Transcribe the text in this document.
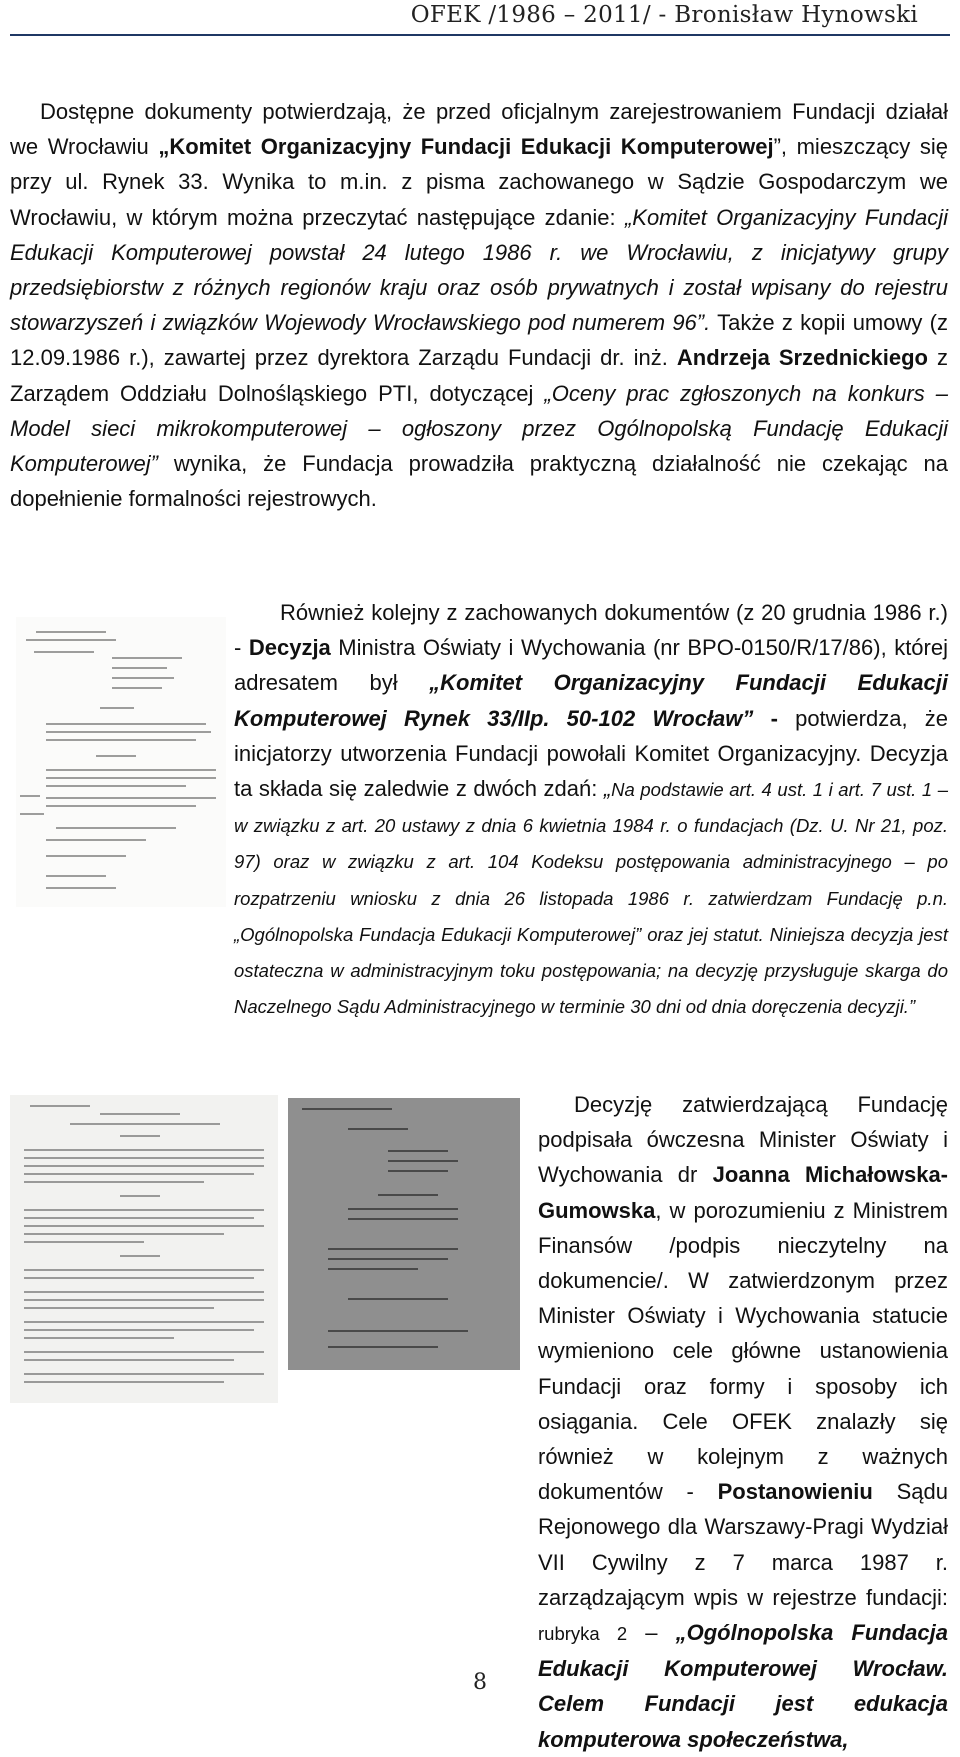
OFEK /1986 – 2011/ - Bronisław Hynowski

Dostępne dokumenty potwierdzają, że przed oficjalnym zarejestrowaniem Fundacji działał we Wrocławiu „Komitet Organizacyjny Fundacji Edukacji Komputerowej”, mieszczący się przy ul. Rynek 33. Wynika to m.in. z pisma zachowanego w Sądzie Gospodarczym we Wrocławiu, w którym można przeczytać następujące zdanie: „Komitet Organizacyjny Fundacji Edukacji Komputerowej powstał 24 lutego 1986 r. we Wrocławiu, z inicjatywy grupy przedsiębiorstw z różnych regionów kraju oraz osób prywatnych i został wpisany do rejestru stowarzyszeń i związków Wojewody Wrocławskiego pod numerem 96”. Także z kopii umowy (z 12.09.1986 r.), zawartej przez dyrektora Zarządu Fundacji dr. inż. Andrzeja Srzednickiego z Zarządem Oddziału Dolnośląskiego PTI, dotyczącej „Oceny prac zgłoszonych na konkurs – Model sieci mikrokomputerowej – ogłoszony przez Ogólnopolską Fundację Edukacji Komputerowej” wynika, że Fundacja prowadziła praktyczną działalność nie czekając na dopełnienie formalności rejestrowych.

Również kolejny z zachowanych dokumentów (z 20 grudnia 1986 r.) - Decyzja Ministra Oświaty i Wychowania (nr BPO-0150/R/17/86), której adresatem był „Komitet Organizacyjny Fundacji Edukacji Komputerowej Rynek 33/IIp. 50-102 Wrocław” - potwierdza, że inicjatorzy utworzenia Fundacji powołali Komitet Organizacyjny. Decyzja ta składa się zaledwie z dwóch zdań: „Na podstawie art. 4 ust. 1 i art. 7 ust. 1 – w związku z art. 20 ustawy z dnia 6 kwietnia 1984 r. o fundacjach (Dz. U. Nr 21, poz. 97) oraz w związku z art. 104 Kodeksu postępowania administracyjnego – po rozpatrzeniu wniosku z dnia 26 listopada 1986 r. zatwierdzam Fundację p.n. „Ogólnopolska Fundacja Edukacji Komputerowej” oraz jej statut. Niniejsza decyzja jest ostateczna w administracyjnym toku postępowania; na decyzję przysługuje skarga do Naczelnego Sądu Administracyjnego w terminie 30 dni od dnia doręczenia decyzji.”

Decyzję zatwierdzającą Fundację podpisała ówczesna Minister Oświaty i Wychowania dr Joanna Michałowska-Gumowska, w porozumieniu z Ministrem Finansów /podpis nieczytelny na dokumencie/. W zatwierdzonym przez Minister Oświaty i Wychowania statucie wymieniono cele główne ustanowienia Fundacji oraz formy i sposoby ich osiągania. Cele OFEK znalazły się również w kolejnym z ważnych dokumentów - Postanowieniu Sądu Rejonowego dla Warszawy-Pragi Wydział VII Cywilny z 7 marca 1987 r. zarządzającym wpis w rejestrze fundacji: rubryka 2 – „Ogólnopolska Fundacja Edukacji Komputerowej Wrocław. Celem Fundacji jest edukacja komputerowa społeczeństwa,

8
